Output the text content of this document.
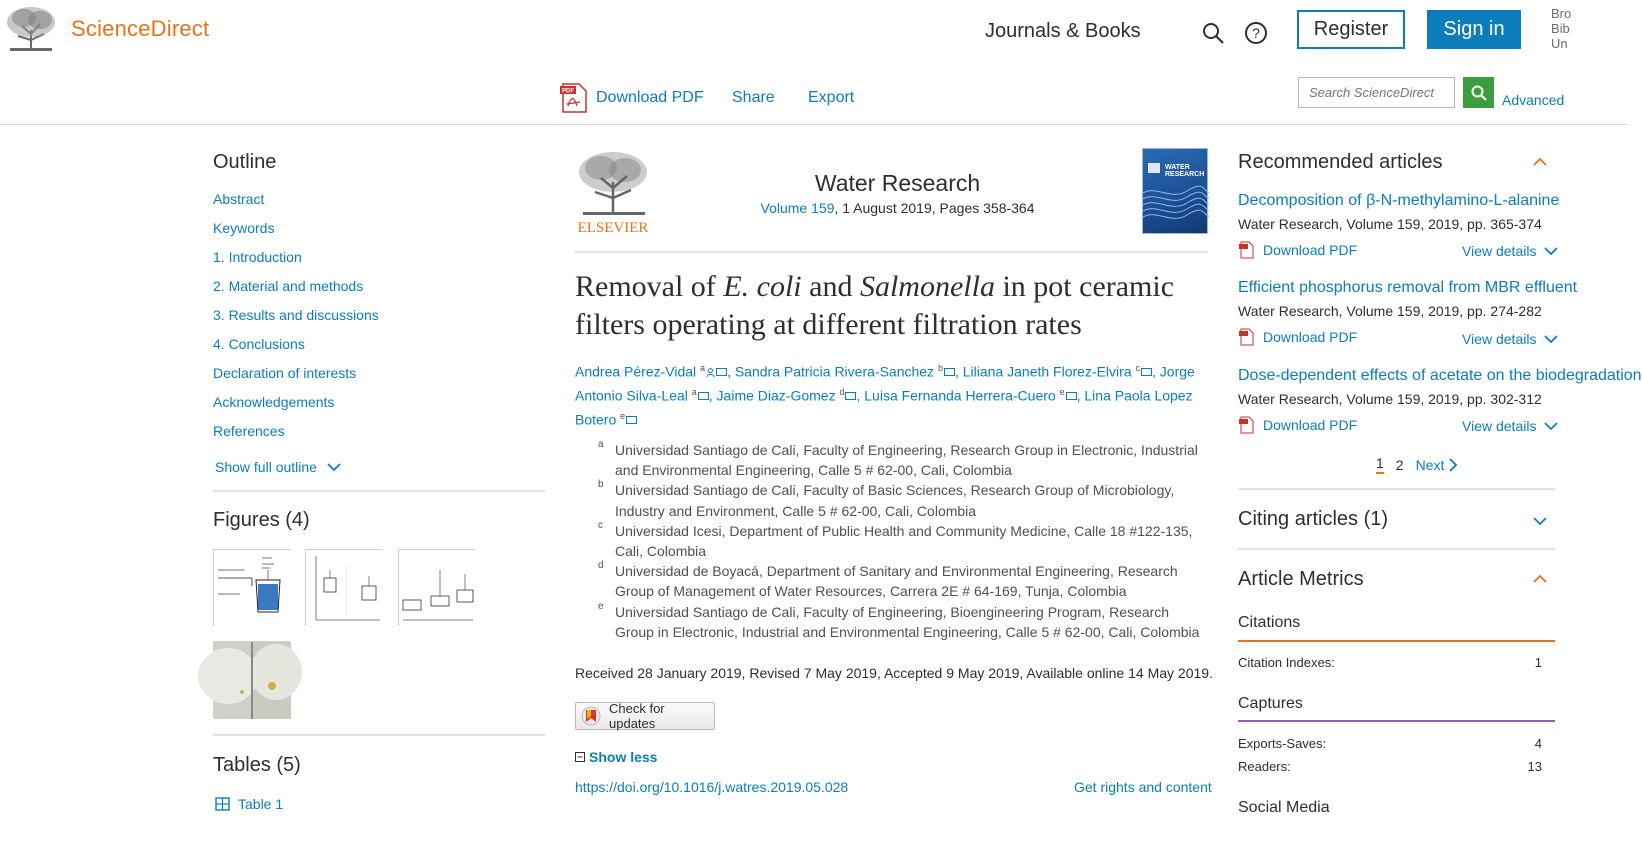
ScienceDirect	Journals & Books	?	Register	Sign in
Bro
Bib
Un
PDF Download PDF Share Export
Search ScienceDirect	Advanced
Outline
Abstract
Keywords
1. Introduction
2. Material and methods
3. Results and discussions
4. Conclusions
Declaration of interests
Acknowledgements
References
Show full outline
Figures (4)
Tables (5)
Table 1
ELSEVIER
Water Research
Volume 159, 1 August 2019, Pages 358-364
WATER
RESEARCH
Removal of E. coli and Salmonella in pot ceramic filters operating at different filtration rates
Andrea Pérez-Vidal $^a$ , Sandra Patricia Rivera-Sanchez $^b$ , Liliana Janeth Florez-Elvira $^c$ , Jorge Antonio Silva-Leal $^a$ , Jaime Diaz-Gomez $^d$ , Luisa Fernanda Herrera-Cuero $^e$ , Lina Paola Lopez Botero $^e$
a Universidad Santiago de Cali, Faculty of Engineering, Research Group in Electronic, Industrial and Environmental Engineering, Calle 5 # 62-00, Cali, Colombia
b Universidad Santiago de Cali, Faculty of Basic Sciences, Research Group of Microbiology, Industry and Environment, Calle 5 # 62-00, Cali, Colombia
c Universidad Icesi, Department of Public Health and Community Medicine, Calle 18 #122-135, Cali, Colombia
d Universidad de Boyacá, Department of Sanitary and Environmental Engineering, Research Group of Management of Water Resources, Carrera 2E # 64-169, Tunja, Colombia
e Universidad Santiago de Cali, Faculty of Engineering, Bioengineering Program, Research Group in Electronic, Industrial and Environmental Engineering, Calle 5 # 62-00, Cali, Colombia
Received 28 January 2019, Revised 7 May 2019, Accepted 9 May 2019, Available online 14 May 2019.
Check for updates
Show less
https://doi.org/10.1016/j.watres.2019.05.028	Get rights and content
Recommended articles
Decomposition of β-N-methylamino-L-alanine
Water Research, Volume 159, 2019, pp. 365-374
Download PDF	View details
Efficient phosphorus removal from MBR effluent
Water Research, Volume 159, 2019, pp. 274-282
Download PDF	View details
Dose-dependent effects of acetate on the biodegradation
Water Research, Volume 159, 2019, pp. 302-312
Download PDF	View details
1 2 Next
Citing articles (1)
Article Metrics
Citations
Citation Indexes:	1
Captures
Exports-Saves:	4
Readers:	13
Social Media
